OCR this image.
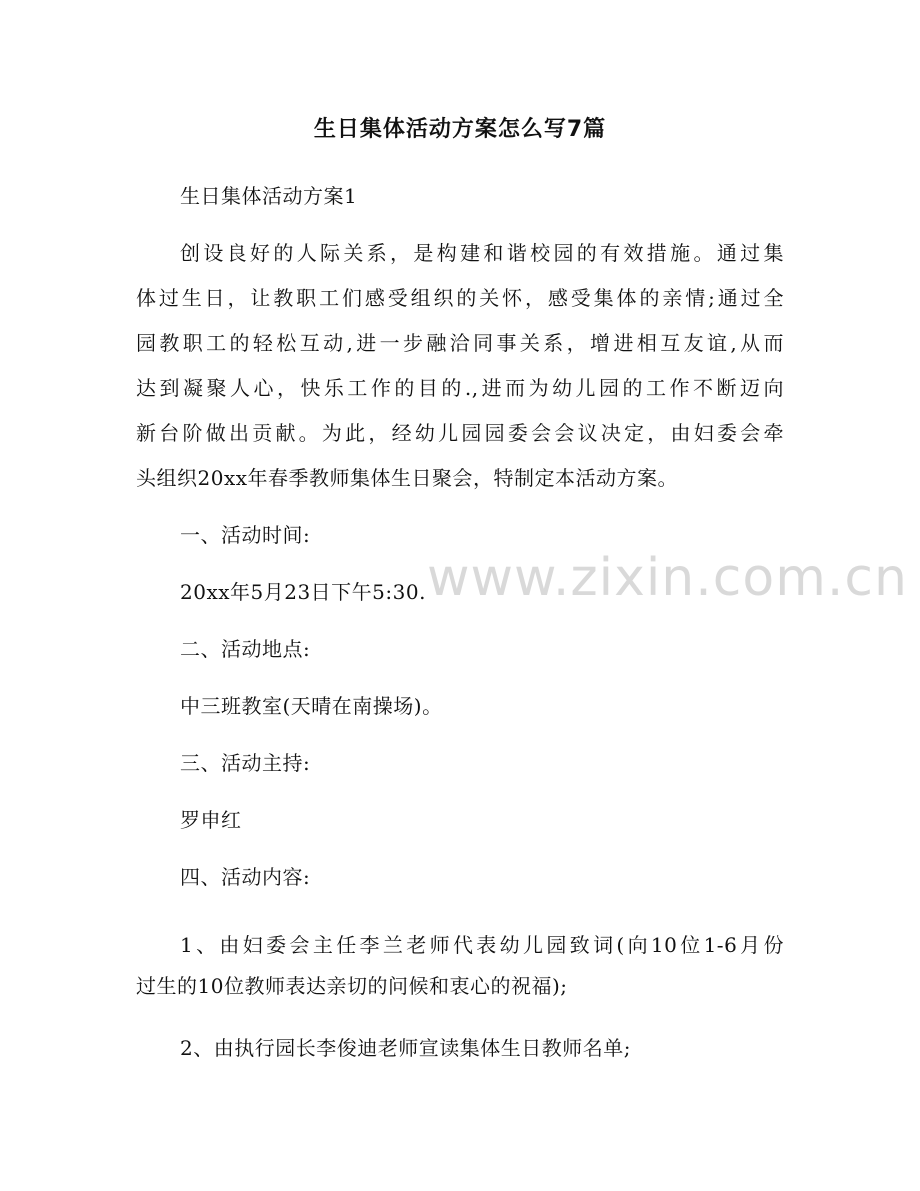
生日集体活动方案怎么写7篇
生日集体活动方案1
创设良好的人际关系，是构建和谐校园的有效措施。通过集
体过生日，让教职工们感受组织的关怀，感受集体的亲情;通过全
园教职工的轻松互动,进一步融洽同事关系，增进相互友谊,从而
达到凝聚人心，快乐工作的目的.,进而为幼儿园的工作不断迈向
新台阶做出贡献。为此，经幼儿园园委会会议决定，由妇委会牵
头组织20xx年春季教师集体生日聚会，特制定本活动方案。
一、活动时间:
20xx年5月23日下午5:30.
二、活动地点:
中三班教室(天晴在南操场)。
三、活动主持:
罗申红
四、活动内容:
1、由妇委会主任李兰老师代表幼儿园致词(向10位1-6月份
过生的10位教师表达亲切的问候和衷心的祝福);
2、由执行园长李俊迪老师宣读集体生日教师名单;
www.zixin.com.cn
